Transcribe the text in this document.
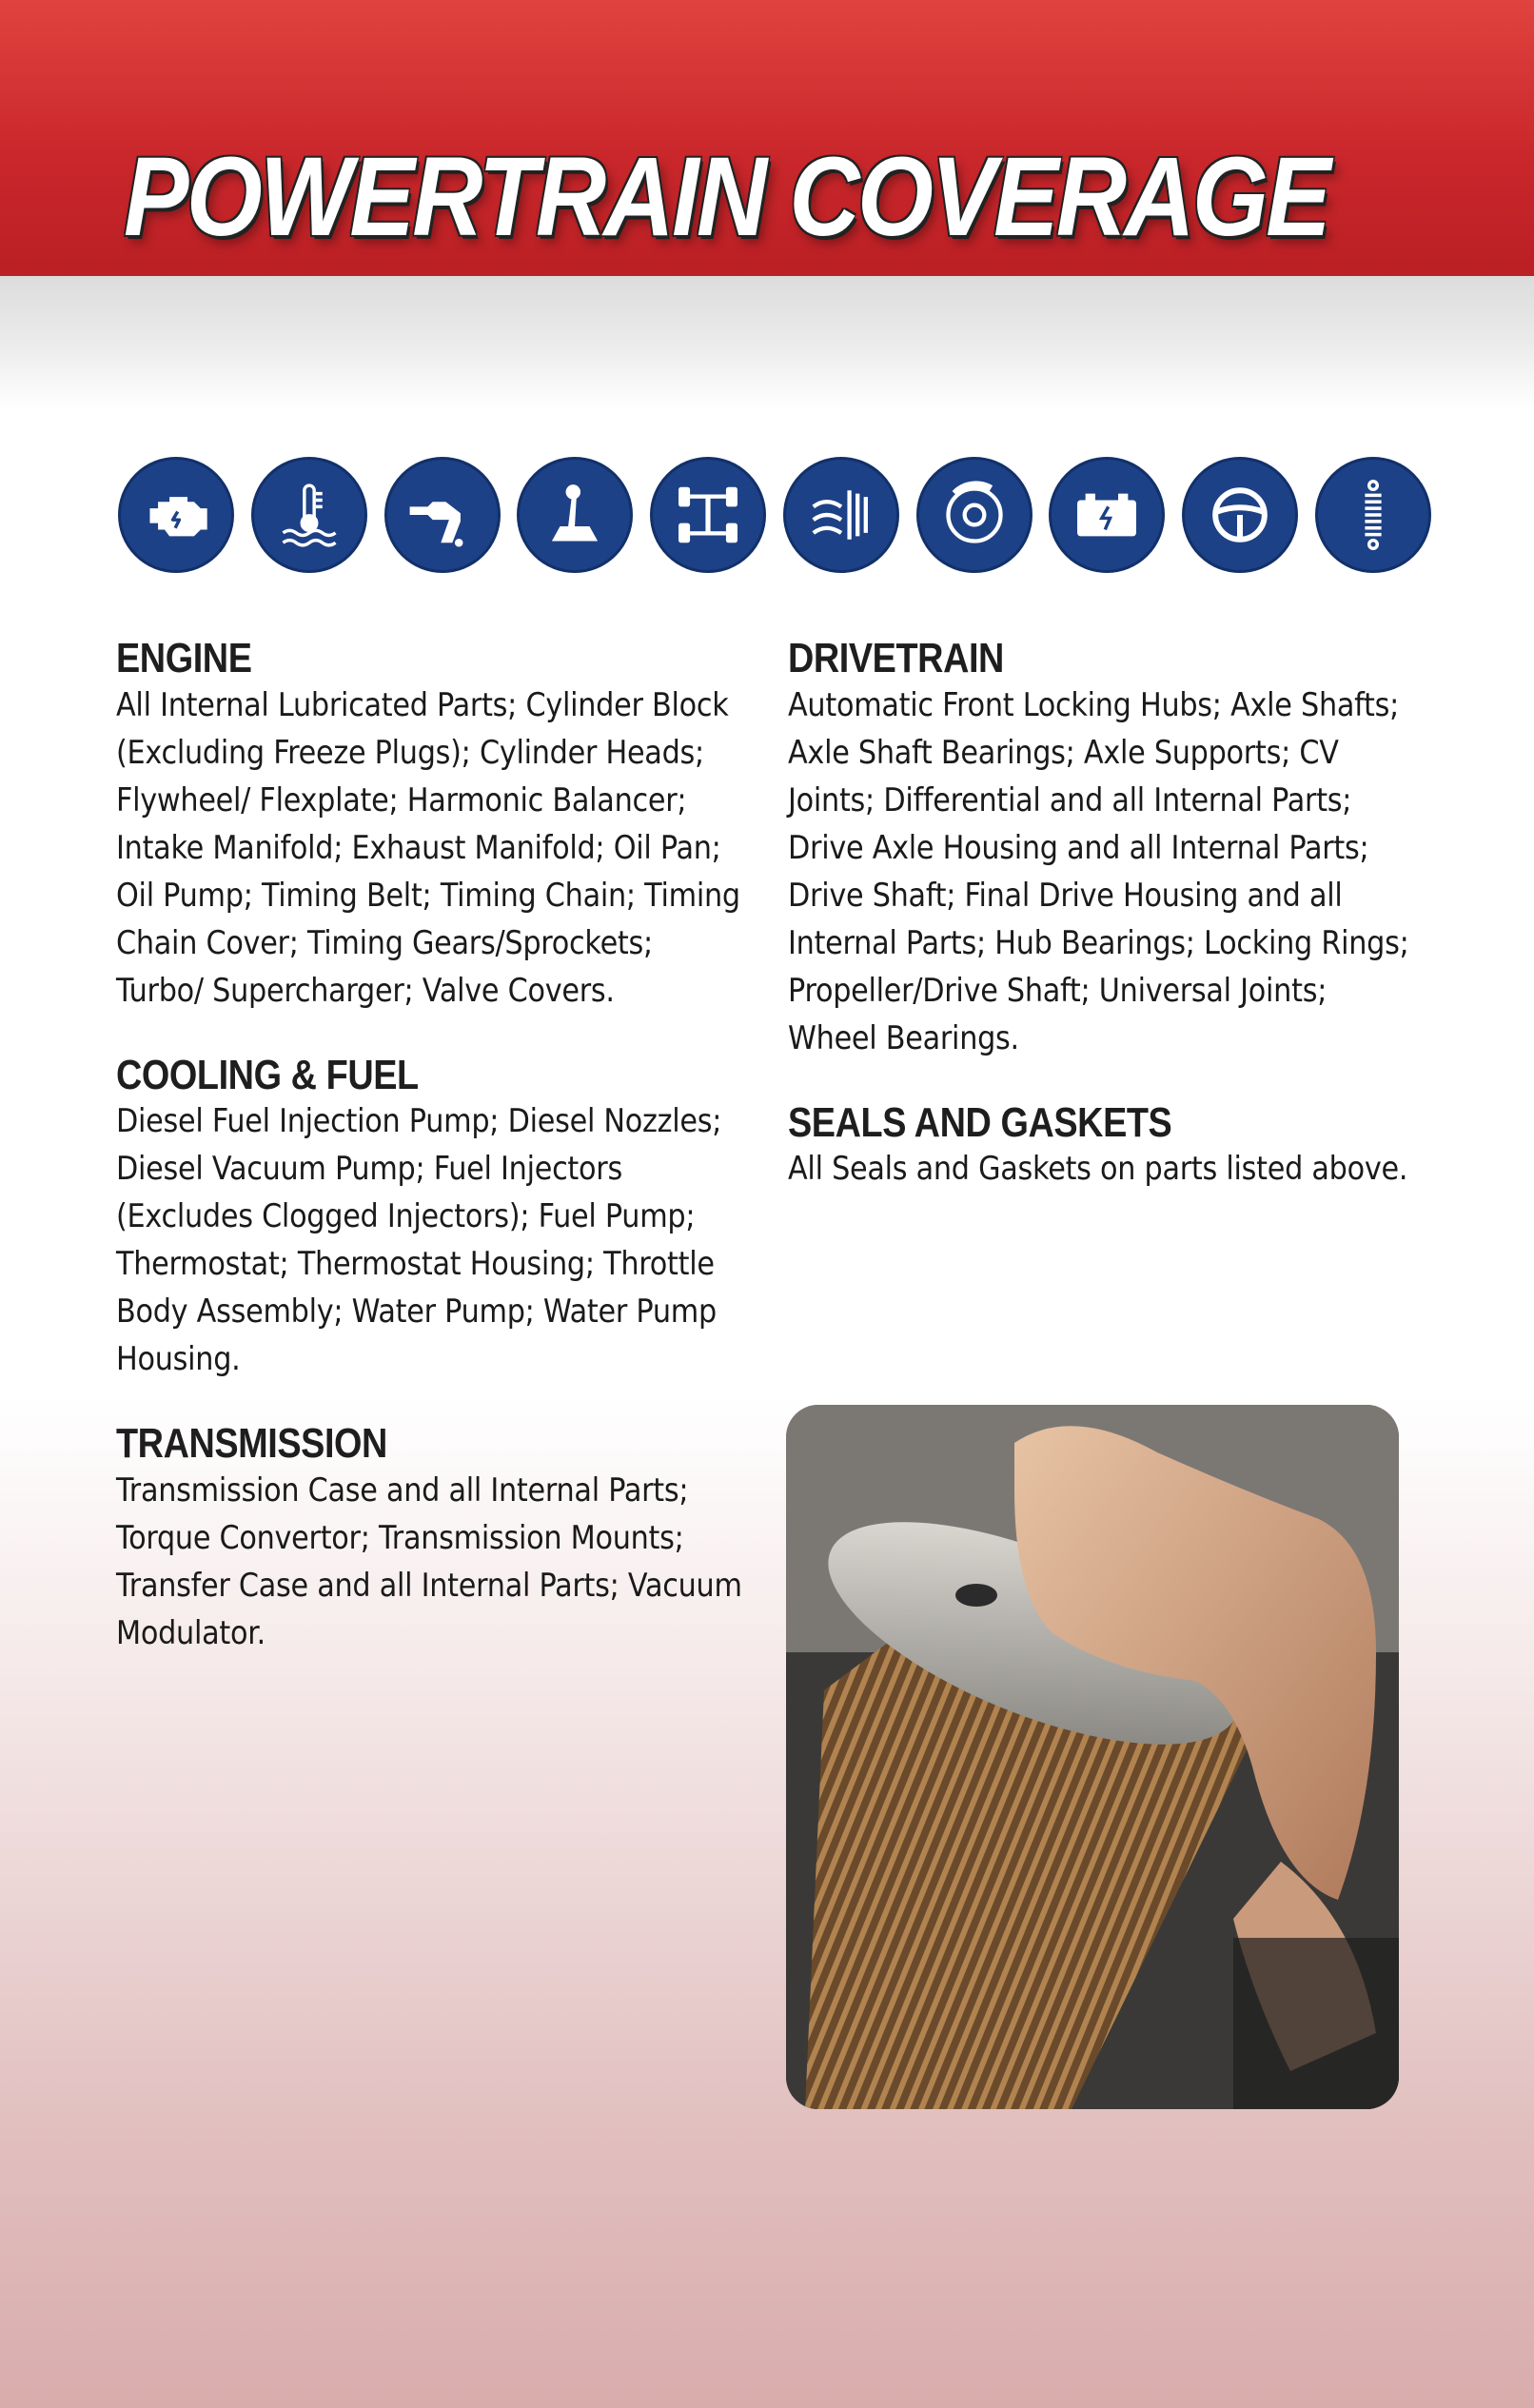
POWERTRAIN COVERAGE
ENGINE
All Internal Lubricated Parts; Cylinder Block (Excluding Freeze Plugs); Cylinder Heads; Flywheel/ Flexplate; Harmonic Balancer; Intake Manifold; Exhaust Manifold; Oil Pan; Oil Pump; Timing Belt; Timing Chain; Timing Chain Cover; Timing Gears/Sprockets; Turbo/ Supercharger; Valve Covers.
COOLING & FUEL
Diesel Fuel Injection Pump; Diesel Nozzles; Diesel Vacuum Pump; Fuel Injectors (Excludes Clogged Injectors); Fuel Pump; Thermostat; Thermostat Housing; Throttle Body Assembly; Water Pump; Water Pump Housing.
TRANSMISSION
Transmission Case and all Internal Parts; Torque Convertor; Transmission Mounts; Transfer Case and all Internal Parts; Vacuum Modulator.
DRIVETRAIN
Automatic Front Locking Hubs; Axle Shafts; Axle Shaft Bearings; Axle Supports; CV Joints; Differential and all Internal Parts; Drive Axle Housing and all Internal Parts; Drive Shaft; Final Drive Housing and all Internal Parts; Hub Bearings; Locking Rings; Propeller/Drive Shaft; Universal Joints; Wheel Bearings.
SEALS AND GASKETS
All Seals and Gaskets on parts listed above.
